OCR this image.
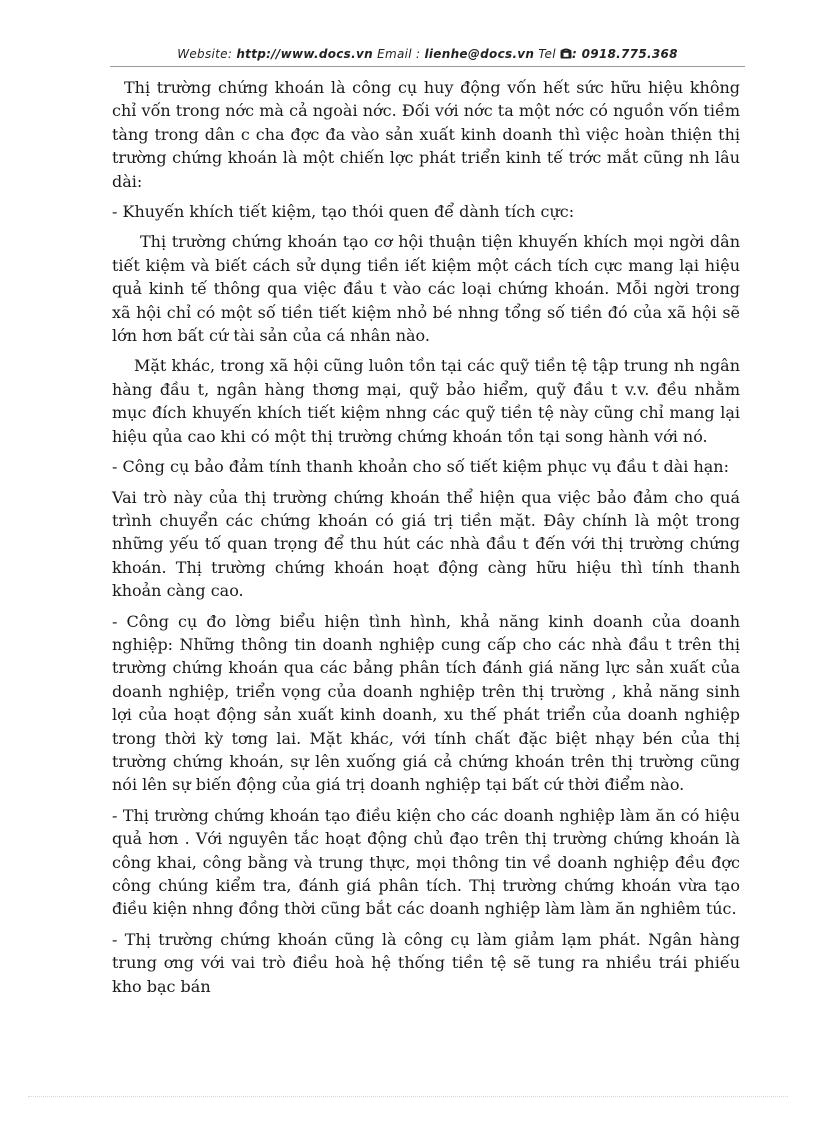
Website: http://www.docs.vn Email : lienhe@docs.vn Tel : 0918.775.368

Thị trường chứng khoán là công cụ huy động vốn hết sức hữu hiệu không chỉ vốn trong nớc mà cả ngoài nớc. Đối với nớc ta một nớc có nguồn vốn tiềm tàng trong dân c cha đợc đa vào sản xuất kinh doanh thì việc hoàn thiện thị trường chứng khoán là một chiến lợc phát triển kinh tế trớc mắt cũng nh lâu dài:

- Khuyến khích tiết kiệm, tạo thói quen để dành tích cực:

Thị trường chứng khoán tạo cơ hội thuận tiện khuyến khích mọi ngời dân tiết kiệm và biết cách sử dụng tiền iết kiệm một cách tích cực mang lại hiệu quả kinh tế thông qua việc đầu t vào các loại chứng khoán. Mỗi ngời trong xã hội chỉ có một số tiền tiết kiệm nhỏ bé nhng tổng số tiền đó của xã hội sẽ lớn hơn bất cứ tài sản của cá nhân nào.

Mặt khác, trong xã hội cũng luôn tồn tại các quỹ tiền tệ tập trung nh ngân hàng đầu t, ngân hàng thơng mại, quỹ bảo hiểm, quỹ đầu t v.v. đều nhằm mục đích khuyến khích tiết kiệm nhng các quỹ tiền tệ này cũng chỉ mang lại hiệu qủa cao khi có một thị trường chứng khoán tồn tại song hành với nó.

- Công cụ bảo đảm tính thanh khoản cho số tiết kiệm phục vụ đầu t dài hạn:

Vai trò này của thị trường chứng khoán thể hiện qua việc bảo đảm cho quá trình chuyển các chứng khoán có giá trị tiền mặt. Đây chính là một trong những yếu tố quan trọng để thu hút các nhà đầu t đến với thị trường chứng khoán. Thị trường chứng khoán hoạt động càng hữu hiệu thì tính thanh khoản càng cao.

- Công cụ đo lờng biểu hiện tình hình, khả năng kinh doanh của doanh nghiệp: Những thông tin doanh nghiệp cung cấp cho các nhà đầu t trên thị trường chứng khoán qua các bảng phân tích đánh giá năng lực sản xuất của doanh nghiệp, triển vọng của doanh nghiệp trên thị trường , khả năng sinh lợi của hoạt động sản xuất kinh doanh, xu thế phát triển của doanh nghiệp trong thời kỳ tơng lai. Mặt khác, với tính chất đặc biệt nhạy bén của thị trường chứng khoán, sự lên xuống giá cả chứng khoán trên thị trường cũng nói lên sự biến động của giá trị doanh nghiệp tại bất cứ thời điểm nào.

- Thị trường chứng khoán tạo điều kiện cho các doanh nghiệp làm ăn có hiệu quả hơn . Với nguyên tắc hoạt động chủ đạo trên thị trường chứng khoán là công khai, công bằng và trung thực, mọi thông tin về doanh nghiệp đều đợc công chúng kiểm tra, đánh giá phân tích. Thị trường chứng khoán vừa tạo điều kiện nhng đồng thời cũng bắt các doanh nghiệp làm làm ăn nghiêm túc.

- Thị trường chứng khoán cũng là công cụ làm giảm lạm phát. Ngân hàng trung ơng với vai trò điều hoà hệ thống tiền tệ sẽ tung ra nhiều trái phiếu kho bạc bán
